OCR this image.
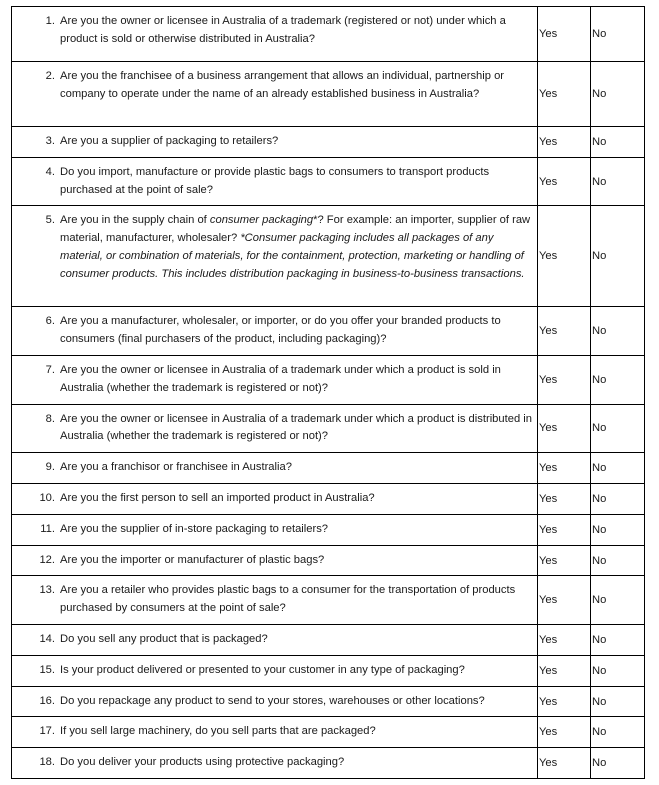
1. Are you the owner or licensee in Australia of a trademark (registered or not) under which a product is sold or otherwise distributed in Australia?	Yes	No

2. Are you the franchisee of a business arrangement that allows an individual, partnership or company to operate under the name of an already established business in Australia?	Yes	No

3. Are you a supplier of packaging to retailers?	Yes	No

4. Do you import, manufacture or provide plastic bags to consumers to transport products purchased at the point of sale?	Yes	No

5. Are you in the supply chain of consumer packaging*? For example: an importer, supplier of raw material, manufacturer, wholesaler? *Consumer packaging includes all packages of any material, or combination of materials, for the containment, protection, marketing or handling of consumer products. This includes distribution packaging in business-to-business transactions.	Yes	No

6. Are you a manufacturer, wholesaler, or importer, or do you offer your branded products to consumers (final purchasers of the product, including packaging)?	Yes	No

7. Are you the owner or licensee in Australia of a trademark under which a product is sold in Australia (whether the trademark is registered or not)?	Yes	No

8. Are you the owner or licensee in Australia of a trademark under which a product is distributed in Australia (whether the trademark is registered or not)?	Yes	No

9. Are you a franchisor or franchisee in Australia?	Yes	No

10. Are you the first person to sell an imported product in Australia?	Yes	No

11. Are you the supplier of in-store packaging to retailers?	Yes	No

12. Are you the importer or manufacturer of plastic bags?	Yes	No

13. Are you a retailer who provides plastic bags to a consumer for the transportation of products purchased by consumers at the point of sale?	Yes	No

14. Do you sell any product that is packaged?	Yes	No

15. Is your product delivered or presented to your customer in any type of packaging?	Yes	No

16. Do you repackage any product to send to your stores, warehouses or other locations?	Yes	No

17. If you sell large machinery, do you sell parts that are packaged?	Yes	No

18. Do you deliver your products using protective packaging?	Yes	No
